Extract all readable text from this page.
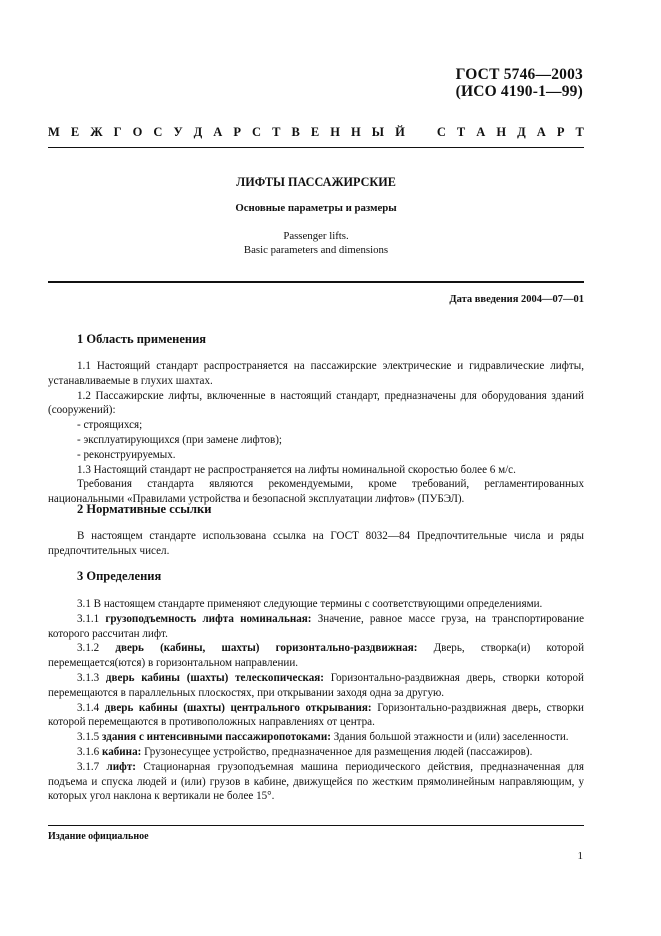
ГОСТ 5746—2003
(ИСО 4190-1—99)
М Е Ж Г О С У Д А Р С Т В Е Н Н Ы Й	С Т А Н Д А Р Т
ЛИФТЫ ПАССАЖИРСКИЕ
Основные параметры и размеры
Passenger lifts.
Basic parameters and dimensions
Дата введения 2004—07—01
1 Область применения

1.1 Настоящий стандарт распространяется на пассажирские электрические и гидравлические лифты, устанавливаемые в глухих шахтах.

1.2 Пассажирские лифты, включенные в настоящий стандарт, предназначены для оборудования зданий (сооружений):

- строящихся;

- эксплуатирующихся (при замене лифтов);

- реконструируемых.

1.3 Настоящий стандарт не распространяется на лифты номинальной скоростью более 6 м/с.

Требования стандарта являются рекомендуемыми, кроме требований, регламентированных национальными «Правилами устройства и безопасной эксплуатации лифтов» (ПУБЭЛ).

2 Нормативные ссылки

В настоящем стандарте использована ссылка на ГОСТ 8032—84 Предпочтительные числа и ряды предпочтительных чисел.

3 Определения

3.1 В настоящем стандарте применяют следующие термины с соответствующими определениями.

3.1.1 грузоподъемность лифта номинальная: Значение, равное массе груза, на транспортирование которого рассчитан лифт.

3.1.2 дверь (кабины, шахты) горизонтально-раздвижная: Дверь, створка(и) которой перемещается(ются) в горизонтальном направлении.

3.1.3 дверь кабины (шахты) телескопическая: Горизонтально-раздвижная дверь, створки которой перемещаются в параллельных плоскостях, при открывании заходя одна за другую.

3.1.4 дверь кабины (шахты) центрального открывания: Горизонтально-раздвижная дверь, створки которой перемещаются в противоположных направлениях от центра.

3.1.5 здания с интенсивными пассажиропотоками: Здания большой этажности и (или) заселенности.

3.1.6 кабина: Грузонесущее устройство, предназначенное для размещения людей (пассажиров).

3.1.7 лифт: Стационарная грузоподъемная машина периодического действия, предназначенная для подъема и спуска людей и (или) грузов в кабине, движущейся по жестким прямолинейным направляющим, у которых угол наклона к вертикали не более 15°.

Издание официальное
1
